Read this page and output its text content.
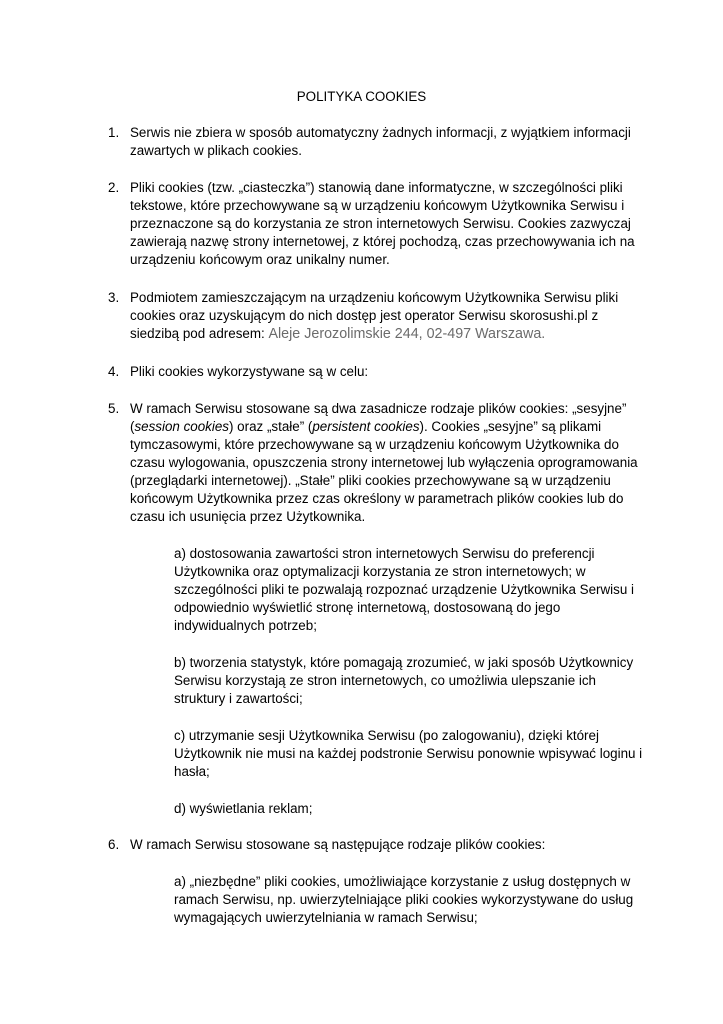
POLITYKA COOKIES
1. Serwis nie zbiera w sposób automatyczny żadnych informacji, z wyjątkiem informacji zawartych w plikach cookies.
2. Pliki cookies (tzw. „ciasteczka”) stanowią dane informatyczne, w szczególności pliki tekstowe, które przechowywane są w urządzeniu końcowym Użytkownika Serwisu i przeznaczone są do korzystania ze stron internetowych Serwisu. Cookies zazwyczaj zawierają nazwę strony internetowej, z której pochodzą, czas przechowywania ich na urządzeniu końcowym oraz unikalny numer.
3. Podmiotem zamieszczającym na urządzeniu końcowym Użytkownika Serwisu pliki cookies oraz uzyskującym do nich dostęp jest operator Serwisu skorosushi.pl z siedzibą pod adresem: Aleje Jerozolimskie 244, 02-497 Warszawa.
4. Pliki cookies wykorzystywane są w celu:
5. W ramach Serwisu stosowane są dwa zasadnicze rodzaje plików cookies: „sesyjne” (session cookies) oraz „stałe” (persistent cookies). Cookies „sesyjne” są plikami tymczasowymi, które przechowywane są w urządzeniu końcowym Użytkownika do czasu wylogowania, opuszczenia strony internetowej lub wyłączenia oprogramowania (przeglądarki internetowej). „Stałe” pliki cookies przechowywane są w urządzeniu końcowym Użytkownika przez czas określony w parametrach plików cookies lub do czasu ich usunięcia przez Użytkownika.
a) dostosowania zawartości stron internetowych Serwisu do preferencji Użytkownika oraz optymalizacji korzystania ze stron internetowych; w szczególności pliki te pozwalają rozpoznać urządzenie Użytkownika Serwisu i odpowiednio wyświetlić stronę internetową, dostosowaną do jego indywidualnych potrzeb;
b) tworzenia statystyk, które pomagają zrozumieć, w jaki sposób Użytkownicy Serwisu korzystają ze stron internetowych, co umożliwia ulepszanie ich struktury i zawartości;
c) utrzymanie sesji Użytkownika Serwisu (po zalogowaniu), dzięki której Użytkownik nie musi na każdej podstronie Serwisu ponownie wpisywać loginu i hasła;
d) wyświetlania reklam;
6. W ramach Serwisu stosowane są następujące rodzaje plików cookies:
a) „niezbędne” pliki cookies, umożliwiające korzystanie z usług dostępnych w ramach Serwisu, np. uwierzytelniające pliki cookies wykorzystywane do usług wymagających uwierzytelniania w ramach Serwisu;
